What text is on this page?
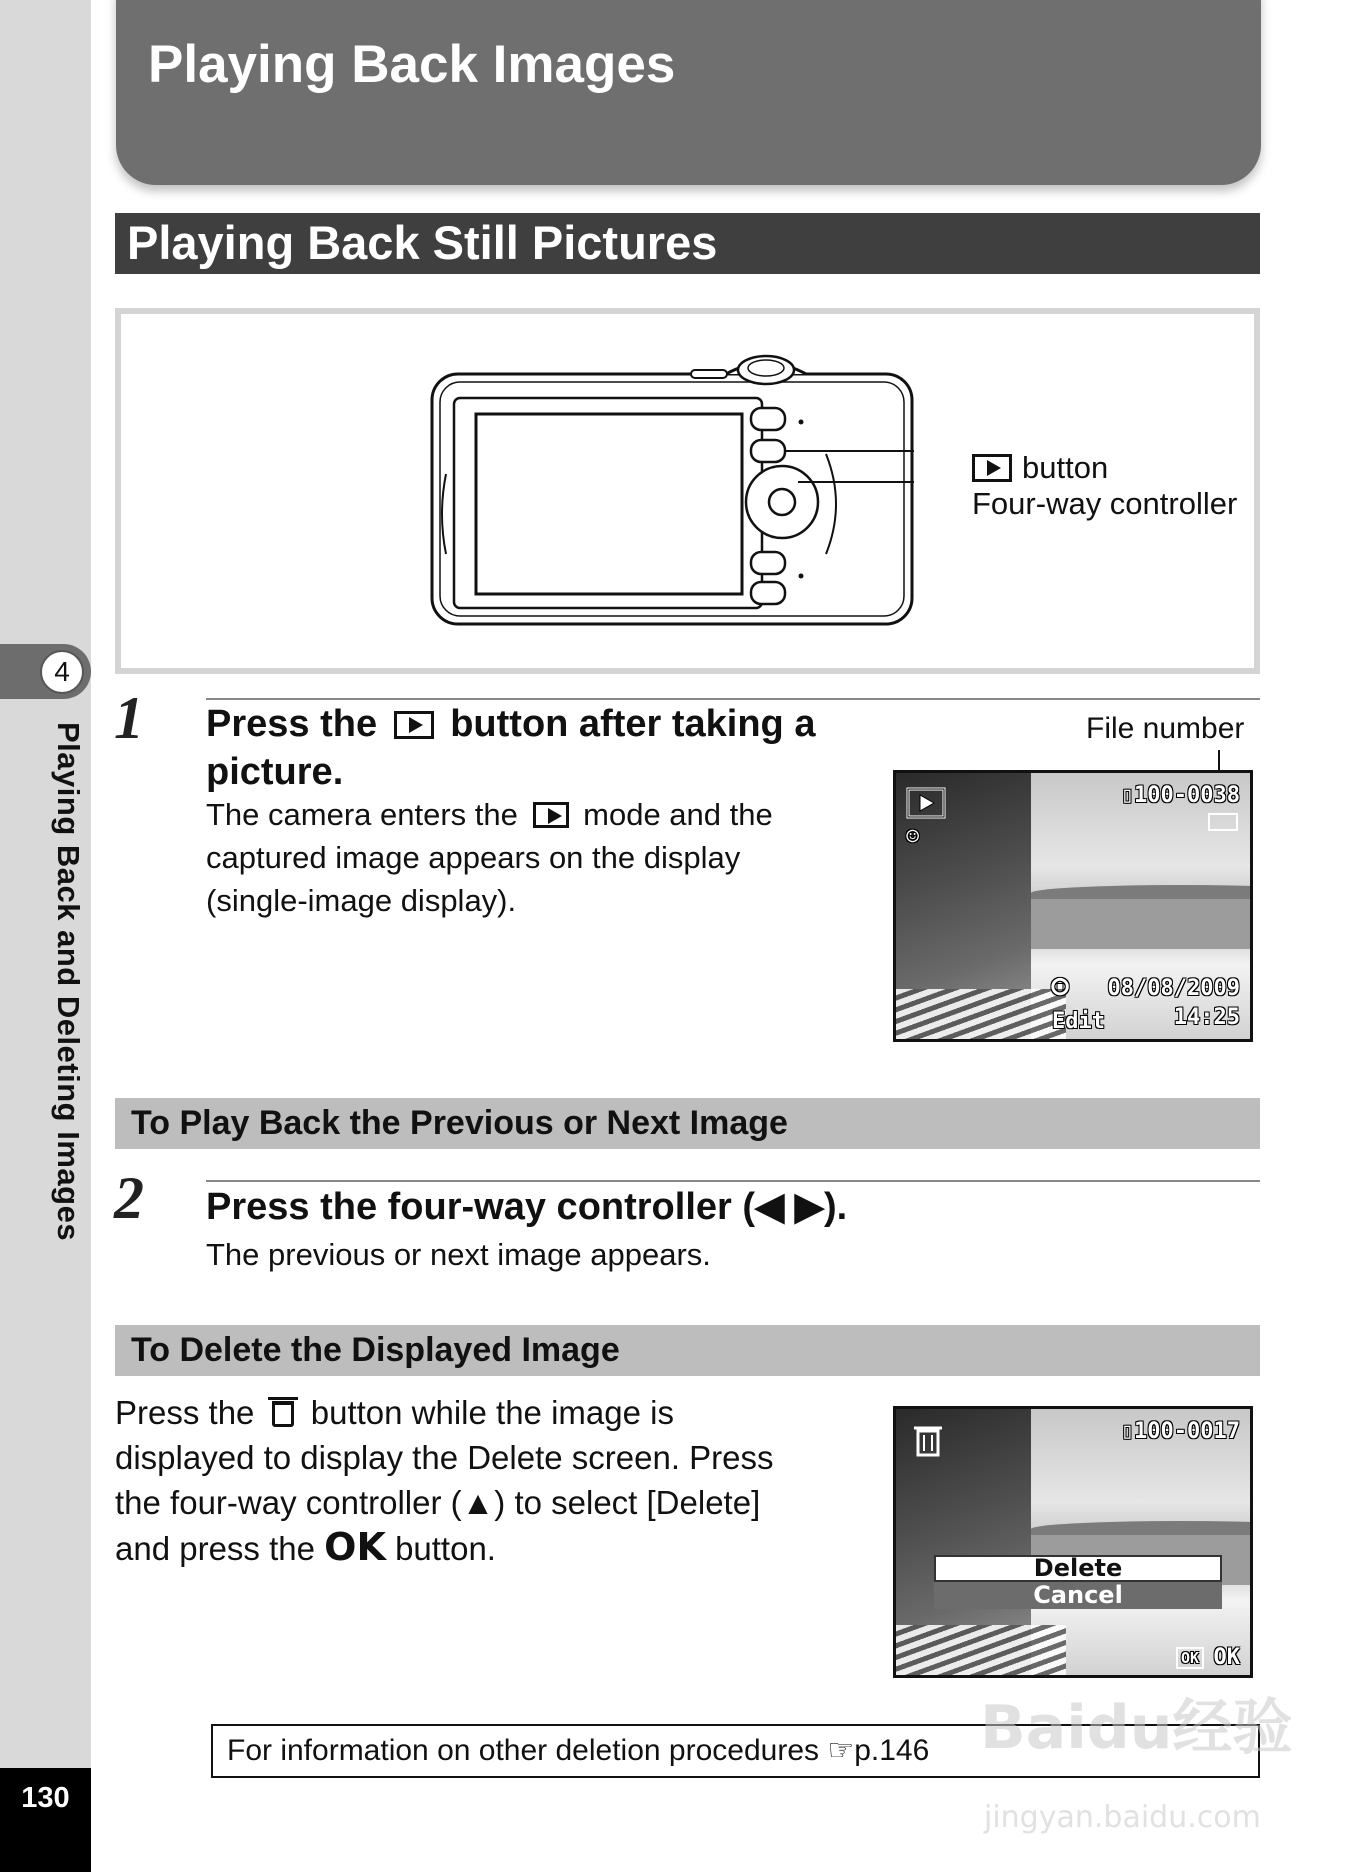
4
Playing Back and Deleting Images
130
Playing Back Images
Playing Back Still Pictures
button
Four-way controller
1 Press the button after taking a
picture.
The camera enters the mode and the
captured image appears on the display
(single-image display).
File number
☺
▯100-0038
⊙
Edit
08/08/2009
14:25
To Play Back the Previous or Next Image
2 Press the four-way controller (◀ ▶).
The previous or next image appears.
To Delete the Displayed Image
Press the button while the image is
displayed to display the Delete screen. Press
the four-way controller (▲) to select [Delete]
and press the OK button.
▯100-0017
Delete
Cancel
OK OK
For information on other deletion procedures ☞p.146 Baidu经验
jingyan.baidu.com
